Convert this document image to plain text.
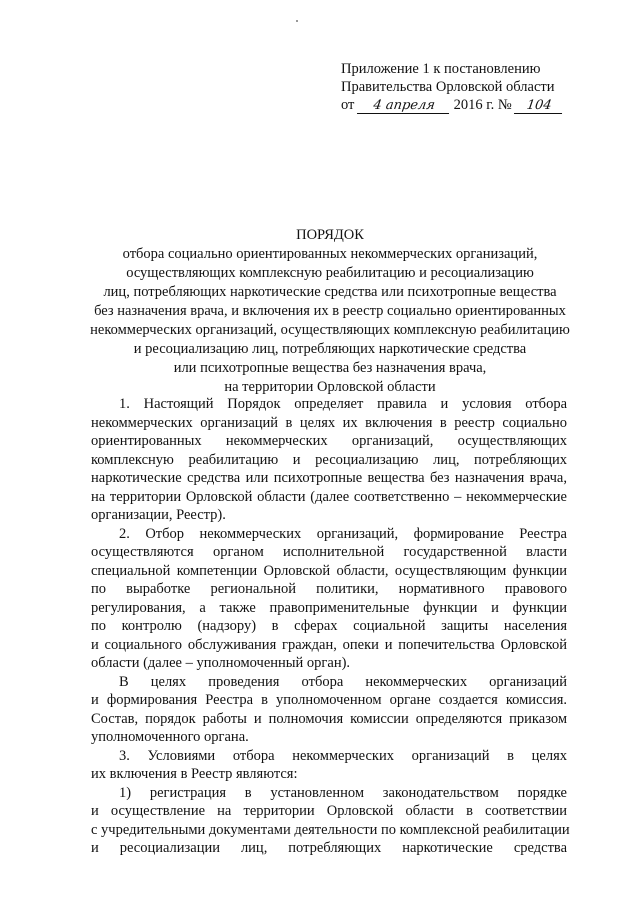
Приложение 1 к постановлению
Правительства Орловской области
от 4 апреля 2016 г. № 104
ПОРЯДОК
отбора социально ориентированных некоммерческих организаций,
осуществляющих комплексную реабилитацию и ресоциализацию
лиц, потребляющих наркотические средства или психотропные вещества
без назначения врача, и включения их в реестр социально ориентированных
некоммерческих организаций, осуществляющих комплексную реабилитацию
и ресоциализацию лиц, потребляющих наркотические средства
или психотропные вещества без назначения врача,
на территории Орловской области
1. Настоящий Порядок определяет правила и условия отбора
некоммерческих организаций в целях их включения в реестр социально
ориентированных некоммерческих организаций, осуществляющих
комплексную реабилитацию и ресоциализацию лиц, потребляющих
наркотические средства или психотропные вещества без назначения врача,
на территории Орловской области (далее соответственно – некоммерческие
организации, Реестр).
2. Отбор некоммерческих организаций, формирование Реестра
осуществляются органом исполнительной государственной власти
специальной компетенции Орловской области, осуществляющим функции
по выработке региональной политики, нормативного правового
регулирования, а также правоприменительные функции и функции
по контролю (надзору) в сферах социальной защиты населения
и социального обслуживания граждан, опеки и попечительства Орловской
области (далее – уполномоченный орган).
В целях проведения отбора некоммерческих организаций
и формирования Реестра в уполномоченном органе создается комиссия.
Состав, порядок работы и полномочия комиссии определяются приказом
уполномоченного органа.
3. Условиями отбора некоммерческих организаций в целях
их включения в Реестр являются:
1) регистрация в установленном законодательством порядке
и осуществление на территории Орловской области в соответствии
с учредительными документами деятельности по комплексной реабилитации
и ресоциализации лиц, потребляющих наркотические средства
